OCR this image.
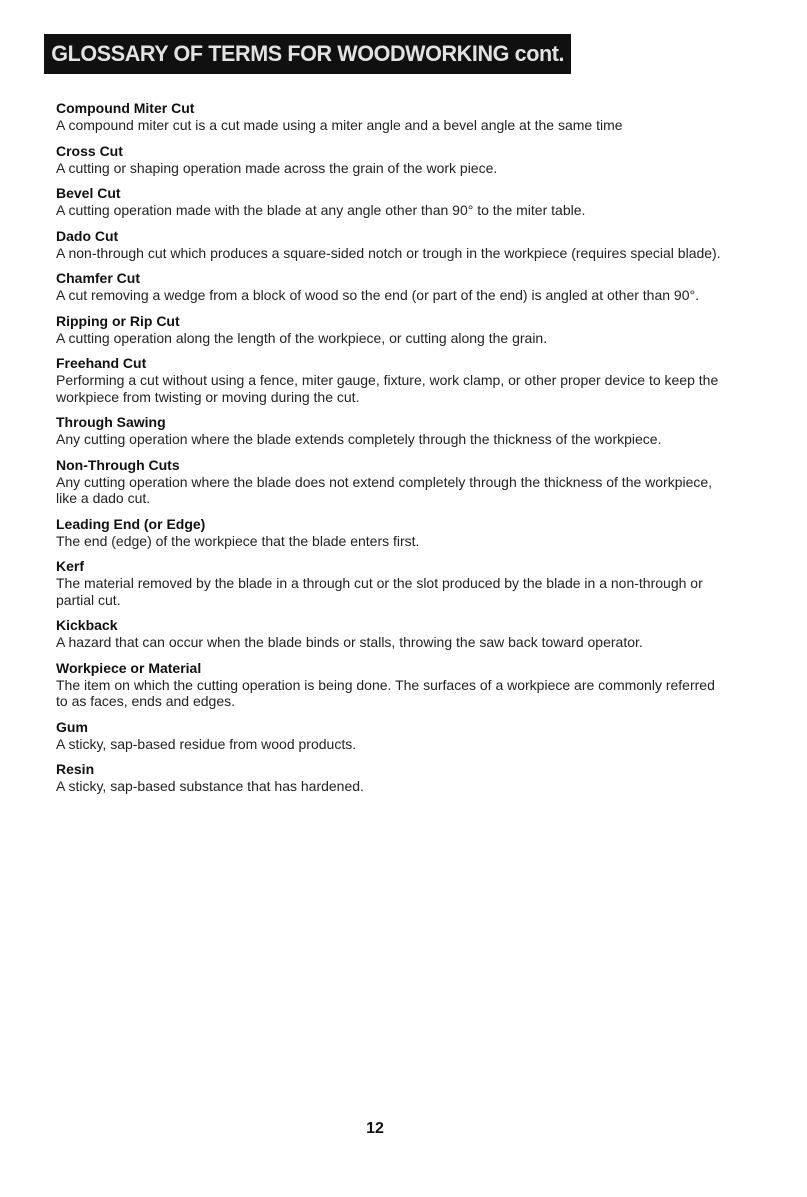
GLOSSARY OF TERMS FOR WOODWORKING cont.
Compound Miter Cut
A compound miter cut is a cut made using a miter angle and a bevel angle at the same time
Cross Cut
A cutting or shaping operation made across the grain of the work piece.
Bevel Cut
A cutting operation made with the blade at any angle other than 90° to the miter table.
Dado Cut
A non-through cut which produces a square-sided notch or trough in the workpiece (requires special blade).
Chamfer Cut
A cut removing a wedge from a block of wood so the end (or part of the end) is angled at other than 90°.
Ripping or Rip Cut
A cutting operation along the length of the workpiece, or cutting along the grain.
Freehand Cut
Performing a cut without using a fence, miter gauge, fixture, work clamp, or other proper device to keep the workpiece from twisting or moving during the cut.
Through Sawing
Any cutting operation where the blade extends completely through the thickness of the workpiece.
Non-Through Cuts
Any cutting operation where the blade does not extend completely through the thickness of the workpiece, like a dado cut.
Leading End (or Edge)
The end (edge) of the workpiece that the blade enters first.
Kerf
The material removed by the blade in a through cut or the slot produced by the blade in a non-through or partial cut.
Kickback
A hazard that can occur when the blade binds or stalls, throwing the saw back toward operator.
Workpiece or Material
The item on which the cutting operation is being done. The surfaces of a workpiece are commonly referred to as faces, ends and edges.
Gum
A sticky, sap-based residue from wood products.
Resin
A sticky, sap-based substance that has hardened.
12
